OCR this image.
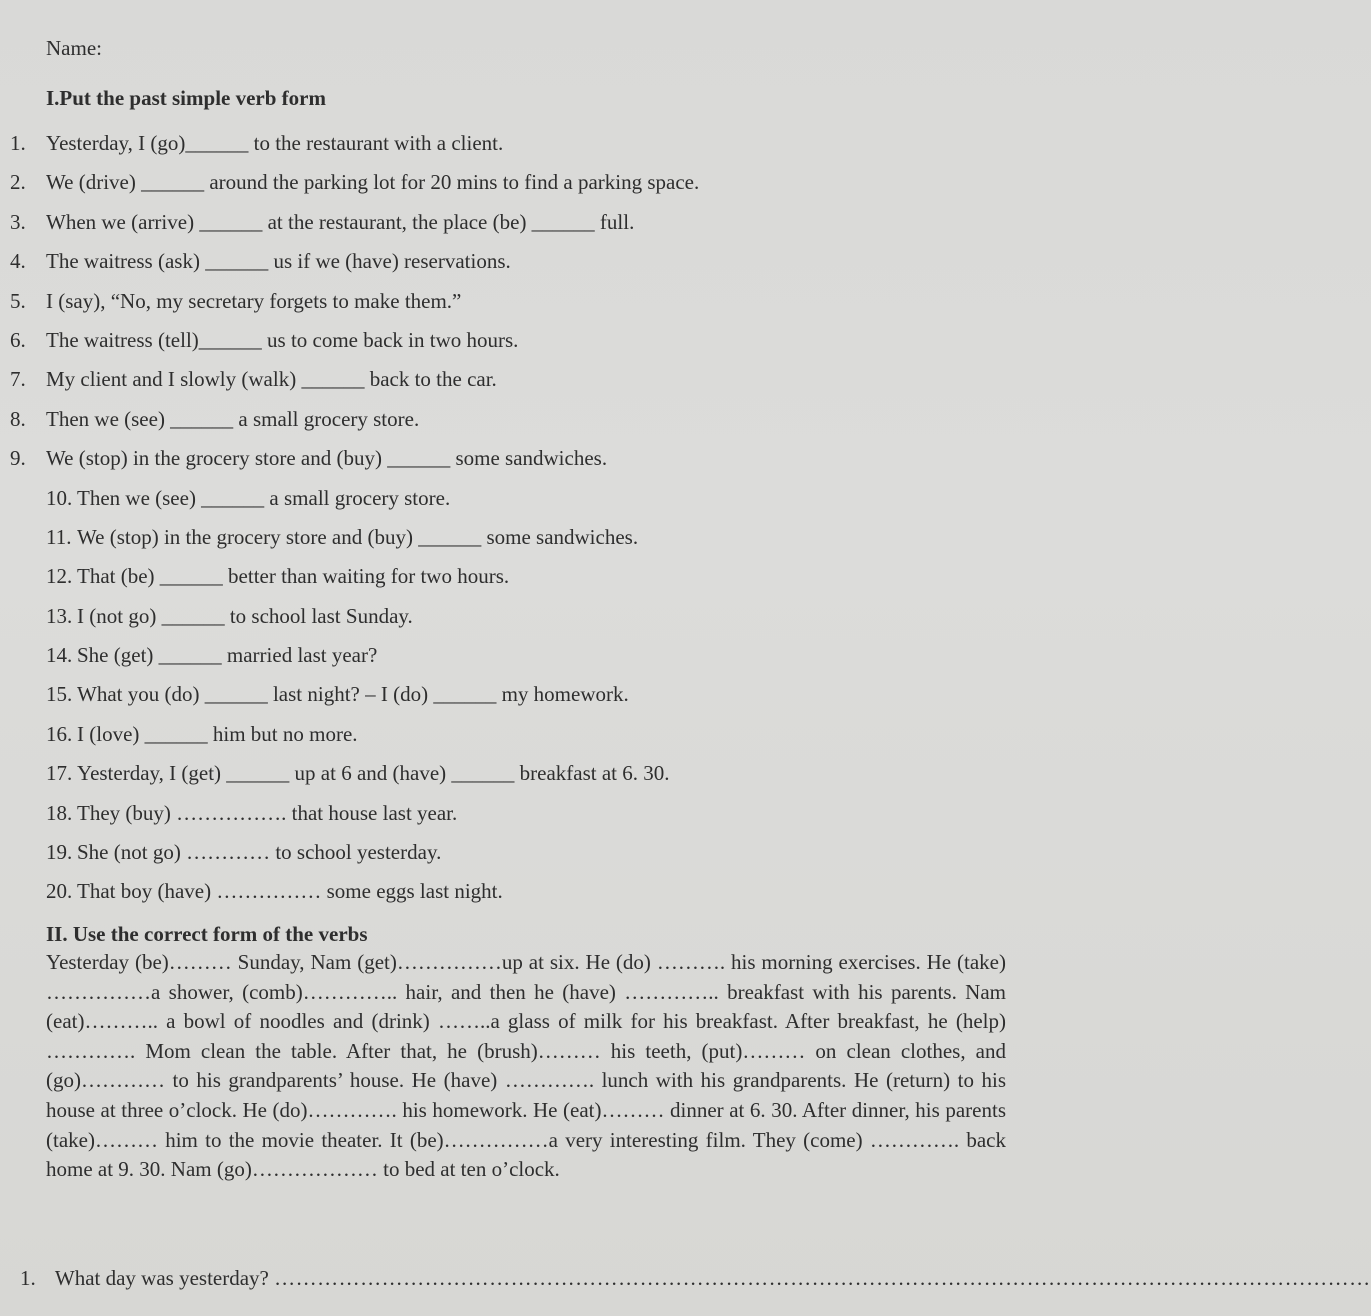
Name:
I.Put the past simple verb form
1. Yesterday, I (go)______ to the restaurant with a client.
2. We (drive) ______ around the parking lot for 20 mins to find a parking space.
3. When we (arrive) ______ at the restaurant, the place (be) ______ full.
4. The waitress (ask) ______ us if we (have) reservations.
5. I (say), “No, my secretary forgets to make them.”
6. The waitress (tell)______ us to come back in two hours.
7. My client and I slowly (walk) ______ back to the car.
8. Then we (see) ______ a small grocery store.
9. We (stop) in the grocery store and (buy) ______ some sandwiches.
10. Then we (see) ______ a small grocery store.
11. We (stop) in the grocery store and (buy) ______ some sandwiches.
12. That (be) ______ better than waiting for two hours.
13. I (not go) ______ to school last Sunday.
14. She (get) ______ married last year?
15. What you (do) ______ last night? – I (do) ______ my homework.
16. I (love) ______ him but no more.
17. Yesterday, I (get) ______ up at 6 and (have) ______ breakfast at 6. 30.
18. They (buy) ……………. that house last year.
19. She (not go) ………… to school yesterday.
20. That boy (have) …………… some eggs last night.
II. Use the correct form of the verbs
Yesterday (be)……… Sunday, Nam (get)……………up at six. He (do) ………. his morning exercises. He (take) ……………a shower, (comb)………….. hair, and then he (have) ………….. breakfast with his parents. Nam (eat)……….. a bowl of noodles and (drink) ……..a glass of milk for his breakfast. After breakfast, he (help) …………. Mom clean the table. After that, he (brush)……… his teeth, (put)……… on clean clothes, and (go)………… to his grandparents’ house. He (have) …………. lunch with his grandparents. He (return) to his house at three o’clock. He (do)…………. his homework. He (eat)……… dinner at 6. 30. After dinner, his parents (take)……… him to the movie theater. It (be)……………a very interesting film. They (come) …………. back home at 9. 30. Nam (go)……………… to bed at ten o’clock.
1. What day was yesterday? ………………………………………………………………………………………………………………………………………
